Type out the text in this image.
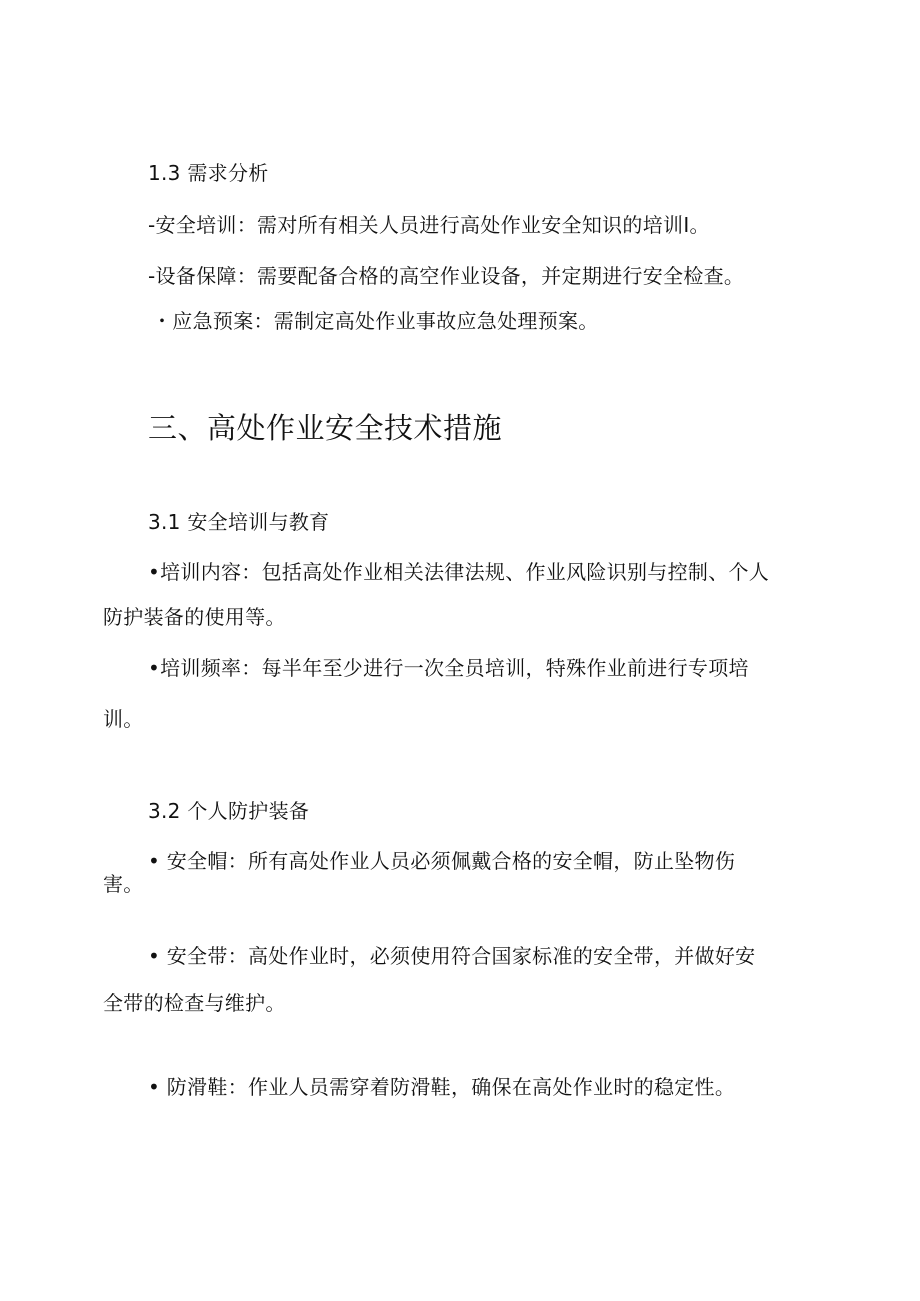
1.3 需求分析
-安全培训：需对所有相关人员进行高处作业安全知识的培训I。
-设备保障：需要配备合格的高空作业设备，并定期进行安全检查。
・应急预案：需制定高处作业事故应急处理预案。
三、高处作业安全技术措施
3.1 安全培训与教育
•培训内容：包括高处作业相关法律法规、作业风险识别与控制、个人
防护装备的使用等。
•培训频率：每半年至少进行一次全员培训，特殊作业前进行专项培
训。
3.2 个人防护装备
• 安全帽：所有高处作业人员必须佩戴合格的安全帽，防止坠物伤
害。
• 安全带：高处作业时，必须使用符合国家标准的安全带，并做好安
全带的检查与维护。
• 防滑鞋：作业人员需穿着防滑鞋，确保在高处作业时的稳定性。
